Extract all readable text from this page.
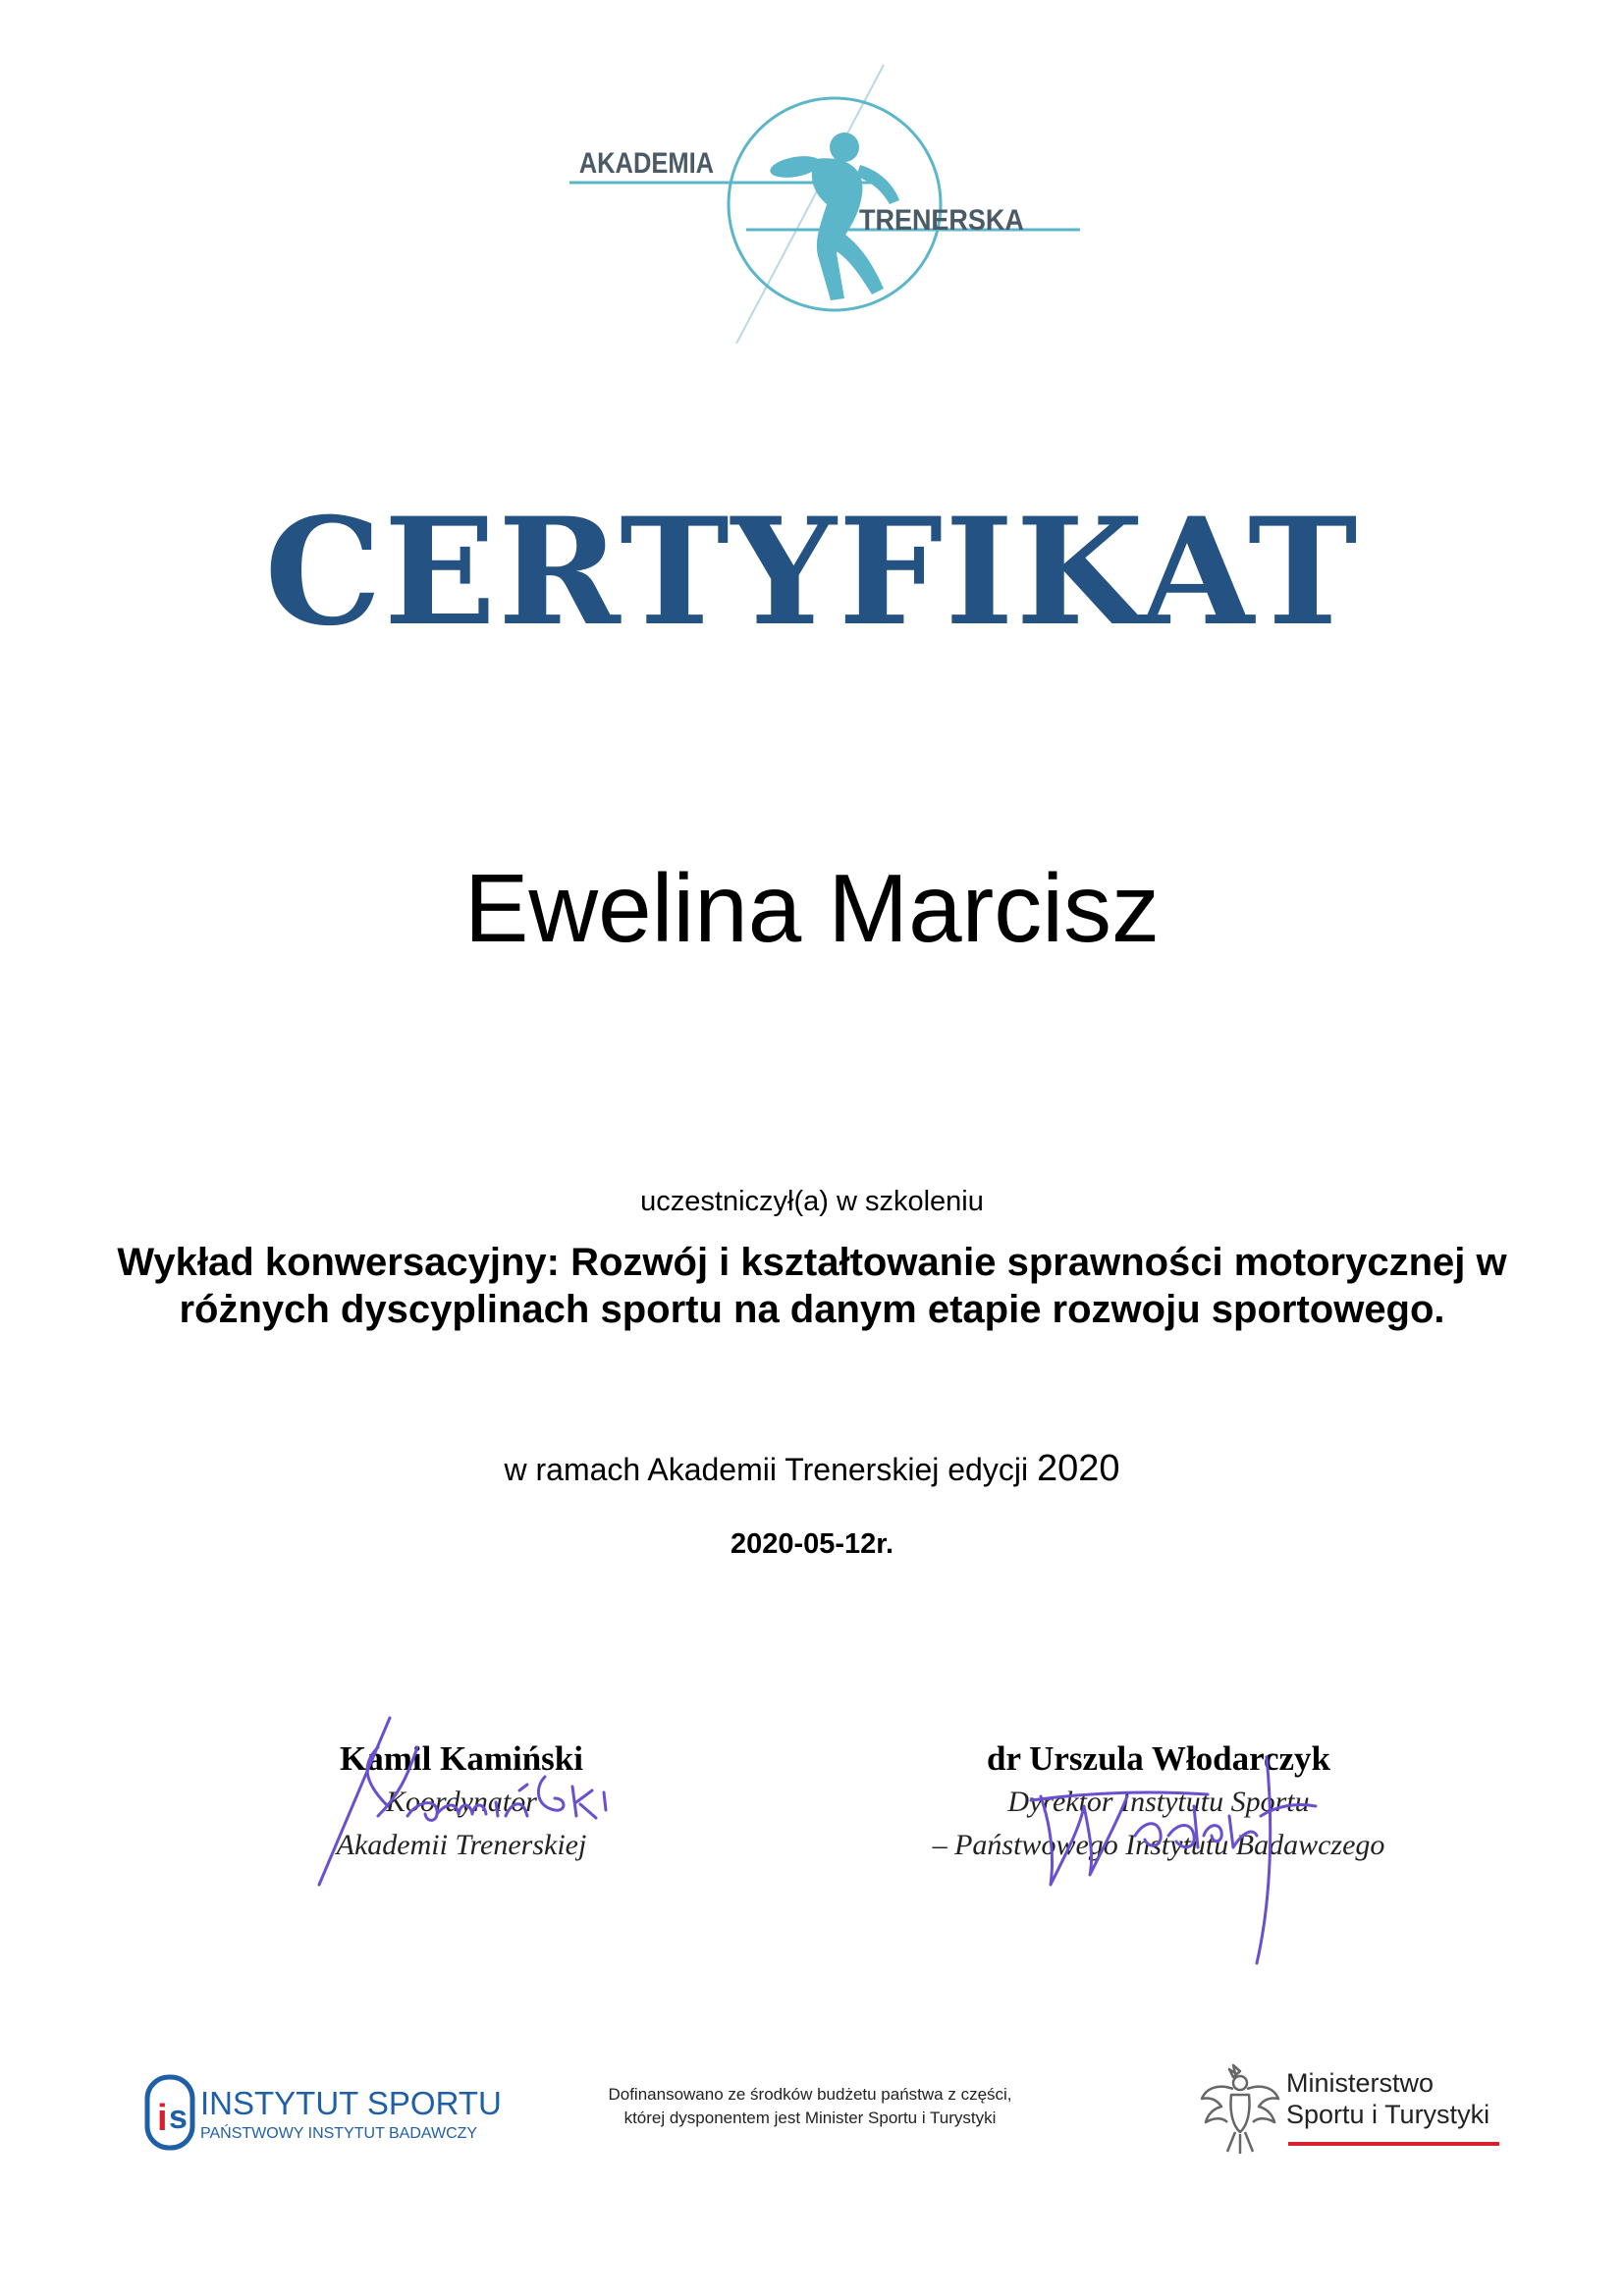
AKADEMIA
TRENERSKA
CERTYFIKAT
Ewelina Marcisz
uczestniczył(a) w szkoleniu
Wykład konwersacyjny: Rozwój i kształtowanie sprawności motorycznej w
różnych dyscyplinach sportu na danym etapie rozwoju sportowego.
w ramach Akademii Trenerskiej edycji 2020
2020-05-12r.
Kamil Kamiński
Koordynator
Akademii Trenerskiej
dr Urszula Włodarczyk
Dyrektor Instytutu Sportu
– Państwowego Instytutu Badawczego
i s INSTYTUT SPORTU
PAŃSTWOWY INSTYTUT BADAWCZY
Dofinansowano ze środków budżetu państwa z części,
której dysponentem jest Minister Sportu i Turystyki
Ministerstwo
Sportu i Turystyki
